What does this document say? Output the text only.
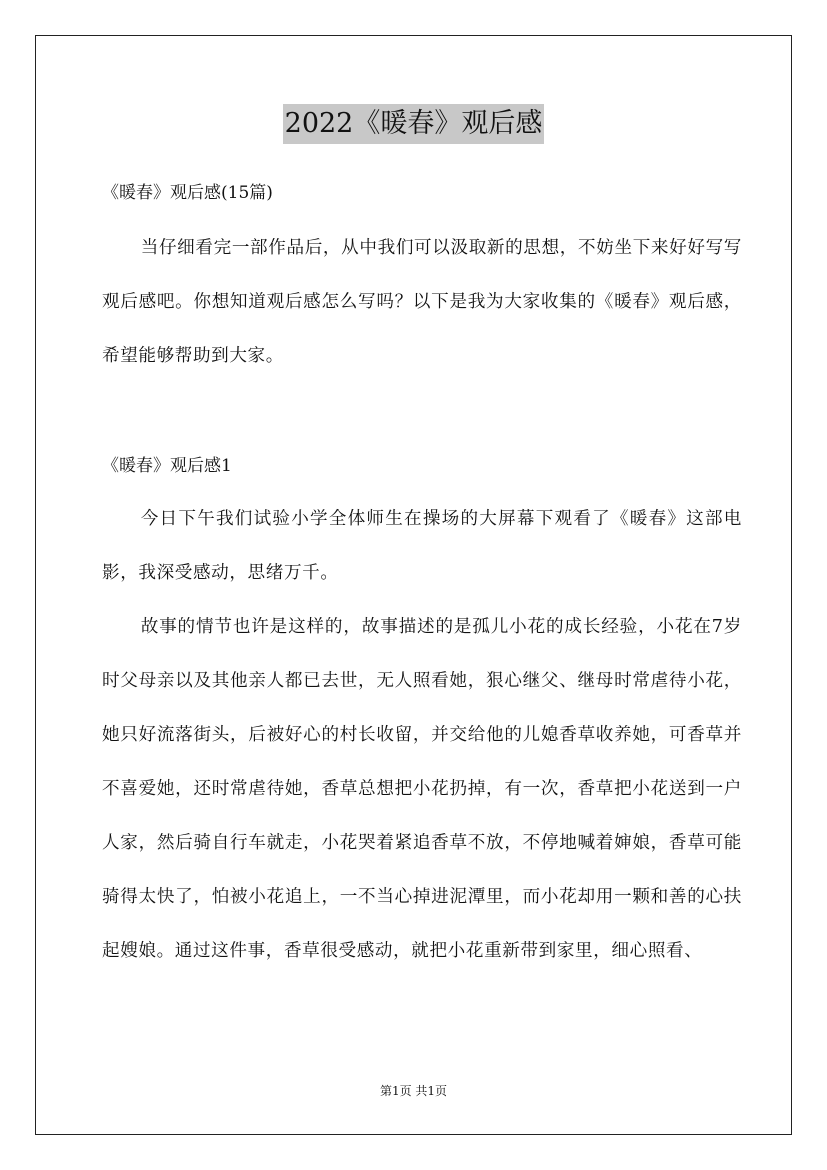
2022《暖春》观后感

《暖春》观后感(15篇)

当仔细看完一部作品后，从中我们可以汲取新的思想，不妨坐下来好好写写观后感吧。你想知道观后感怎么写吗？以下是我为大家收集的《暖春》观后感，希望能够帮助到大家。

《暖春》观后感1

今日下午我们试验小学全体师生在操场的大屏幕下观看了《暖春》这部电影，我深受感动，思绪万千。

故事的情节也许是这样的，故事描述的是孤儿小花的成长经验，小花在7岁时父母亲以及其他亲人都已去世，无人照看她，狠心继父、继母时常虐待小花，她只好流落街头，后被好心的村长收留，并交给他的儿媳香草收养她，可香草并不喜爱她，还时常虐待她，香草总想把小花扔掉，有一次，香草把小花送到一户人家，然后骑自行车就走，小花哭着紧追香草不放，不停地喊着婶娘，香草可能骑得太快了，怕被小花追上，一不当心掉进泥潭里，而小花却用一颗和善的心扶起嫂娘。通过这件事，香草很受感动，就把小花重新带到家里，细心照看、

第1页 共1页
